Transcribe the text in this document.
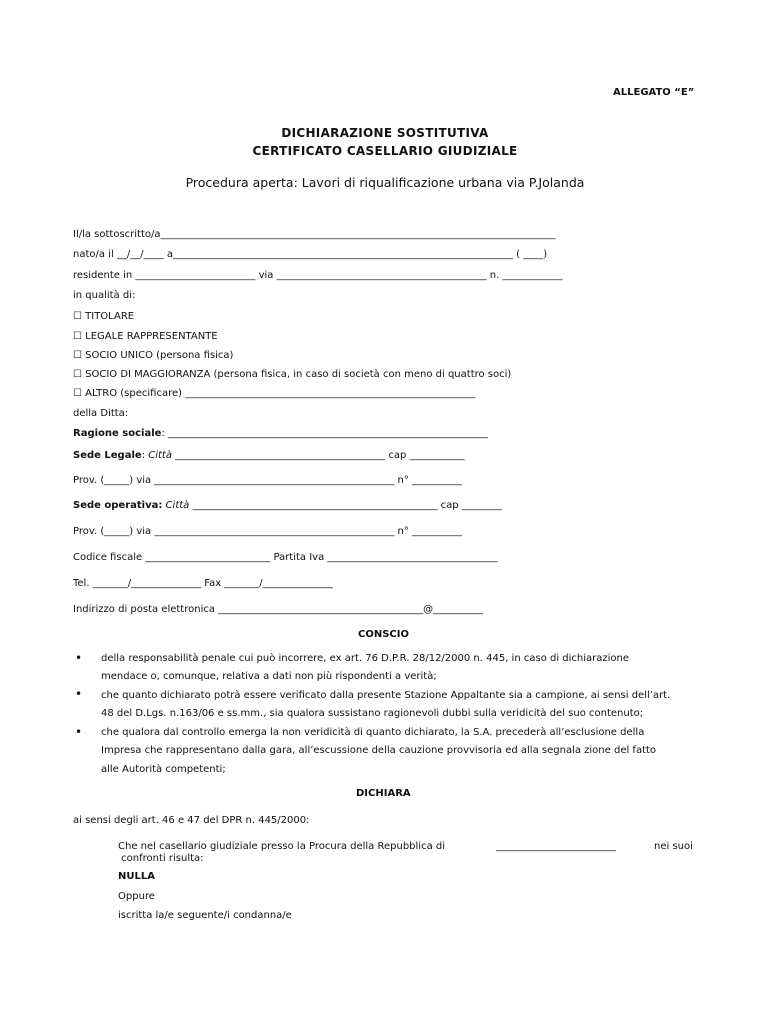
ALLEGATO “E”
DICHIARAZIONE SOSTITUTIVA
CERTIFICATO CASELLARIO GIUDIZIALE
Procedura aperta: Lavori di riqualificazione urbana via P.Jolanda
Il/la sottoscritto/a_______________________________________________________________________________
nato/a il __/__/____ a____________________________________________________________________ ( ____)
residente in ________________________ via __________________________________________ n. ____________
in qualità di:
☐ TITOLARE
☐ LEGALE RAPPRESENTANTE
☐ SOCIO UNICO (persona fisica)
☐ SOCIO DI MAGGIORANZA (persona fisica, in caso di società con meno di quattro soci)
☐ ALTRO (specificare) __________________________________________________________
della Ditta:
Ragione sociale: ________________________________________________________________
Sede Legale: Città __________________________________________ cap ___________
Prov. (_____) via ________________________________________________ n° __________
Sede operativa: Città _________________________________________________ cap ________
Prov. (_____) via ________________________________________________ n° __________
Codice fiscale _________________________ Partita Iva __________________________________
Tel. _______/______________ Fax _______/______________
Indirizzo di posta elettronica _________________________________________@__________
CONSCIO
• della responsabilità penale cui può incorrere, ex art. 76 D.P.R. 28/12/2000 n. 445, in caso di dichiarazione
mendace o, comunque, relativa a dati non più rispondenti a verità;
• che quanto dichiarato potrà essere verificato dalla presente Stazione Appaltante sia a campione, ai sensi dell’art.
48 del D.Lgs. n.163/06 e ss.mm., sia qualora sussistano ragionevoli dubbi sulla veridicità del suo contenuto;
• che qualora dal controllo emerga la non veridicità di quanto dichiarato, la S.A. precederà all’esclusione della
Impresa che rappresentano dalla gara, all’escussione della cauzione provvisoria ed alla segnala zione del fatto
alle Autorità competenti;
DICHIARA
ai sensi degli art. 46 e 47 del DPR n. 445/2000:
Che nel casellario giudiziale presso la Procura della Repubblica di	________________________	nei suoi
confronti risulta:
NULLA
Oppure
iscritta la/e seguente/i condanna/e
